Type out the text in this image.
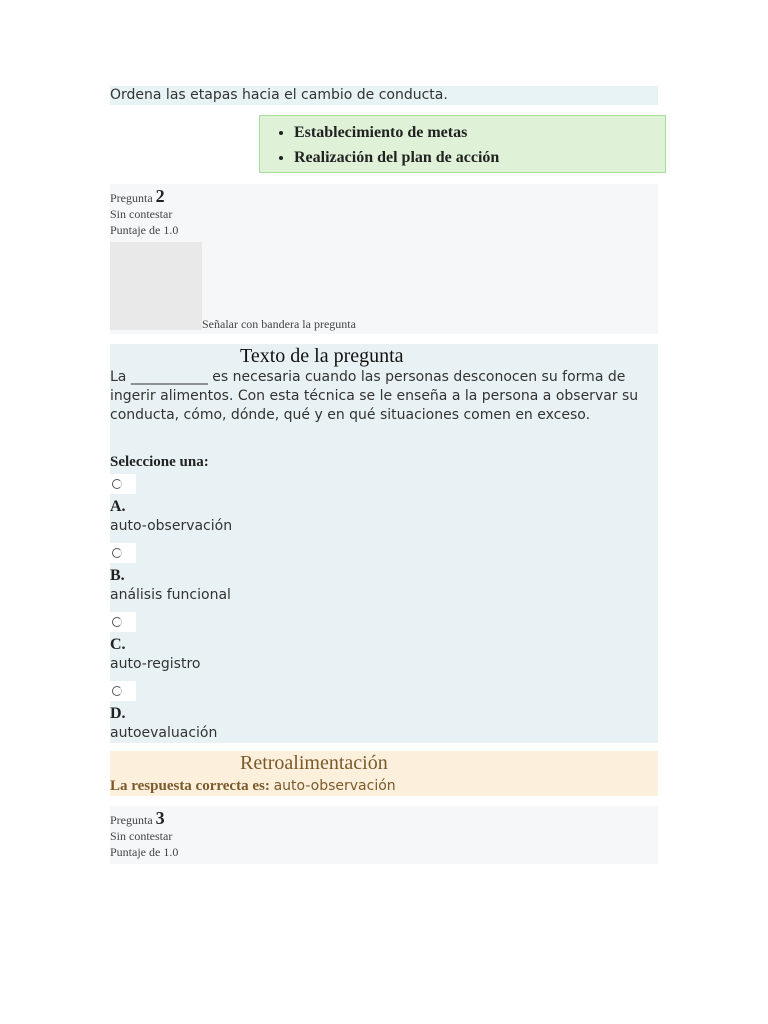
Ordena las etapas hacia el cambio de conducta.
• Establecimiento de metas
• Realización del plan de acción
Pregunta 2
Sin contestar
Puntaje de 1.0
Señalar con bandera la pregunta
Texto de la pregunta
La ___________ es necesaria cuando las personas desconocen su forma de ingerir alimentos. Con esta técnica se le enseña a la persona a observar su conducta, cómo, dónde, qué y en qué situaciones comen en exceso.
Seleccione una:
A.
auto-observación
B.
análisis funcional
C.
auto-registro
D.
autoevaluación
Retroalimentación
La respuesta correcta es: auto-observación
Pregunta 3
Sin contestar
Puntaje de 1.0
